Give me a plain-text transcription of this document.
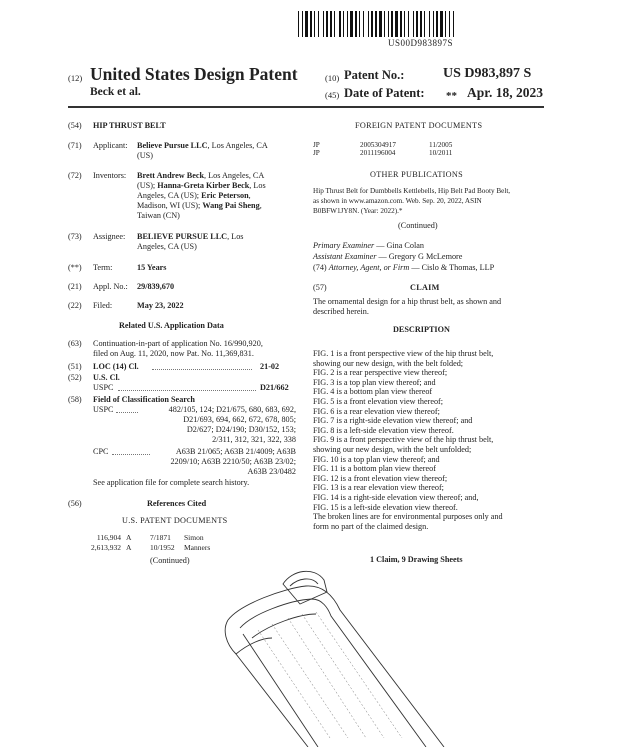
US00D983897S
(12) United States Design Patent	(10) Patent No.:	US D983,897 S
Beck et al.	(45) Date of Patent: ** Apr. 18, 2023
(54) HIP THRUST BELT
(71) Applicant: Believe Pursue LLC, Los Angeles, CA
(US)
(72) Inventors: Brett Andrew Beck, Los Angeles, CA
(US); Hanna-Greta Kirber Beck, Los
Angeles, CA (US); Eric Peterson,
Madison, WI (US); Wang Pai Sheng,
Taiwan (CN)
(73) Assignee: BELIEVE PURSUE LLC, Los
Angeles, CA (US)
(**) Term:	15 Years
(21) Appl. No.: 29/839,670
(22) Filed:	May 23, 2022
Related U.S. Application Data
(63) Continuation-in-part of application No. 16/990,920,
filed on Aug. 11, 2020, now Pat. No. 11,369,831.
(51) LOC (14) Cl.	21-02
(52) U.S. Cl.
USPC	D21/662
(58) Field of Classification Search
USPC	482/105, 124; D21/675, 680, 683, 692,
D21/693, 694, 662, 672, 678, 805;
D2/627; D24/190; D30/152, 153;
2/311, 312, 321, 322, 338
CPC	A63B 21/065; A63B 21/4009; A63B
2209/10; A63B 2210/50; A63B 23/02;
A63B 23/0482
See application file for complete search history.
(56)	References Cited
U.S. PATENT DOCUMENTS
116,904 A 7/1871 Simon
2,613,932 A 10/1952 Manners
(Continued)
FOREIGN PATENT DOCUMENTS
JP	2005304917	11/2005
JP	2011196004	10/2011
OTHER PUBLICATIONS
Hip Thrust Belt for Dumbbells Kettlebells, Hip Belt Pad Booty Belt,
as shown in www.amazon.com. Web. Sep. 20, 2022, ASIN
B0BFW1JY8N. (Year: 2022).*
(Continued)
Primary Examiner — Gina Colan
Assistant Examiner — Gregory G McLemore
(74) Attorney, Agent, or Firm — Cislo & Thomas, LLP
(57)	CLAIM
The ornamental design for a hip thrust belt, as shown and
described herein.
DESCRIPTION
FIG. 1 is a front perspective view of the hip thrust belt,
showing our new design, with the belt folded;
FIG. 2 is a rear perspective view thereof;
FIG. 3 is a top plan view thereof; and
FIG. 4 is a bottom plan view thereof
FIG. 5 is a front elevation view thereof;
FIG. 6 is a rear elevation view thereof;
FIG. 7 is a right-side elevation view thereof; and
FIG. 8 is a left-side elevation view thereof.
FIG. 9 is a front perspective view of the hip thrust belt,
showing our new design, with the belt unfolded;
FIG. 10 is a top plan view thereof; and
FIG. 11 is a bottom plan view thereof
FIG. 12 is a front elevation view thereof;
FIG. 13 is a rear elevation view thereof;
FIG. 14 is a right-side elevation view thereof; and,
FIG. 15 is a left-side elevation view thereof.
The broken lines are for environmental purposes only and
form no part of the claimed design.
1 Claim, 9 Drawing Sheets
